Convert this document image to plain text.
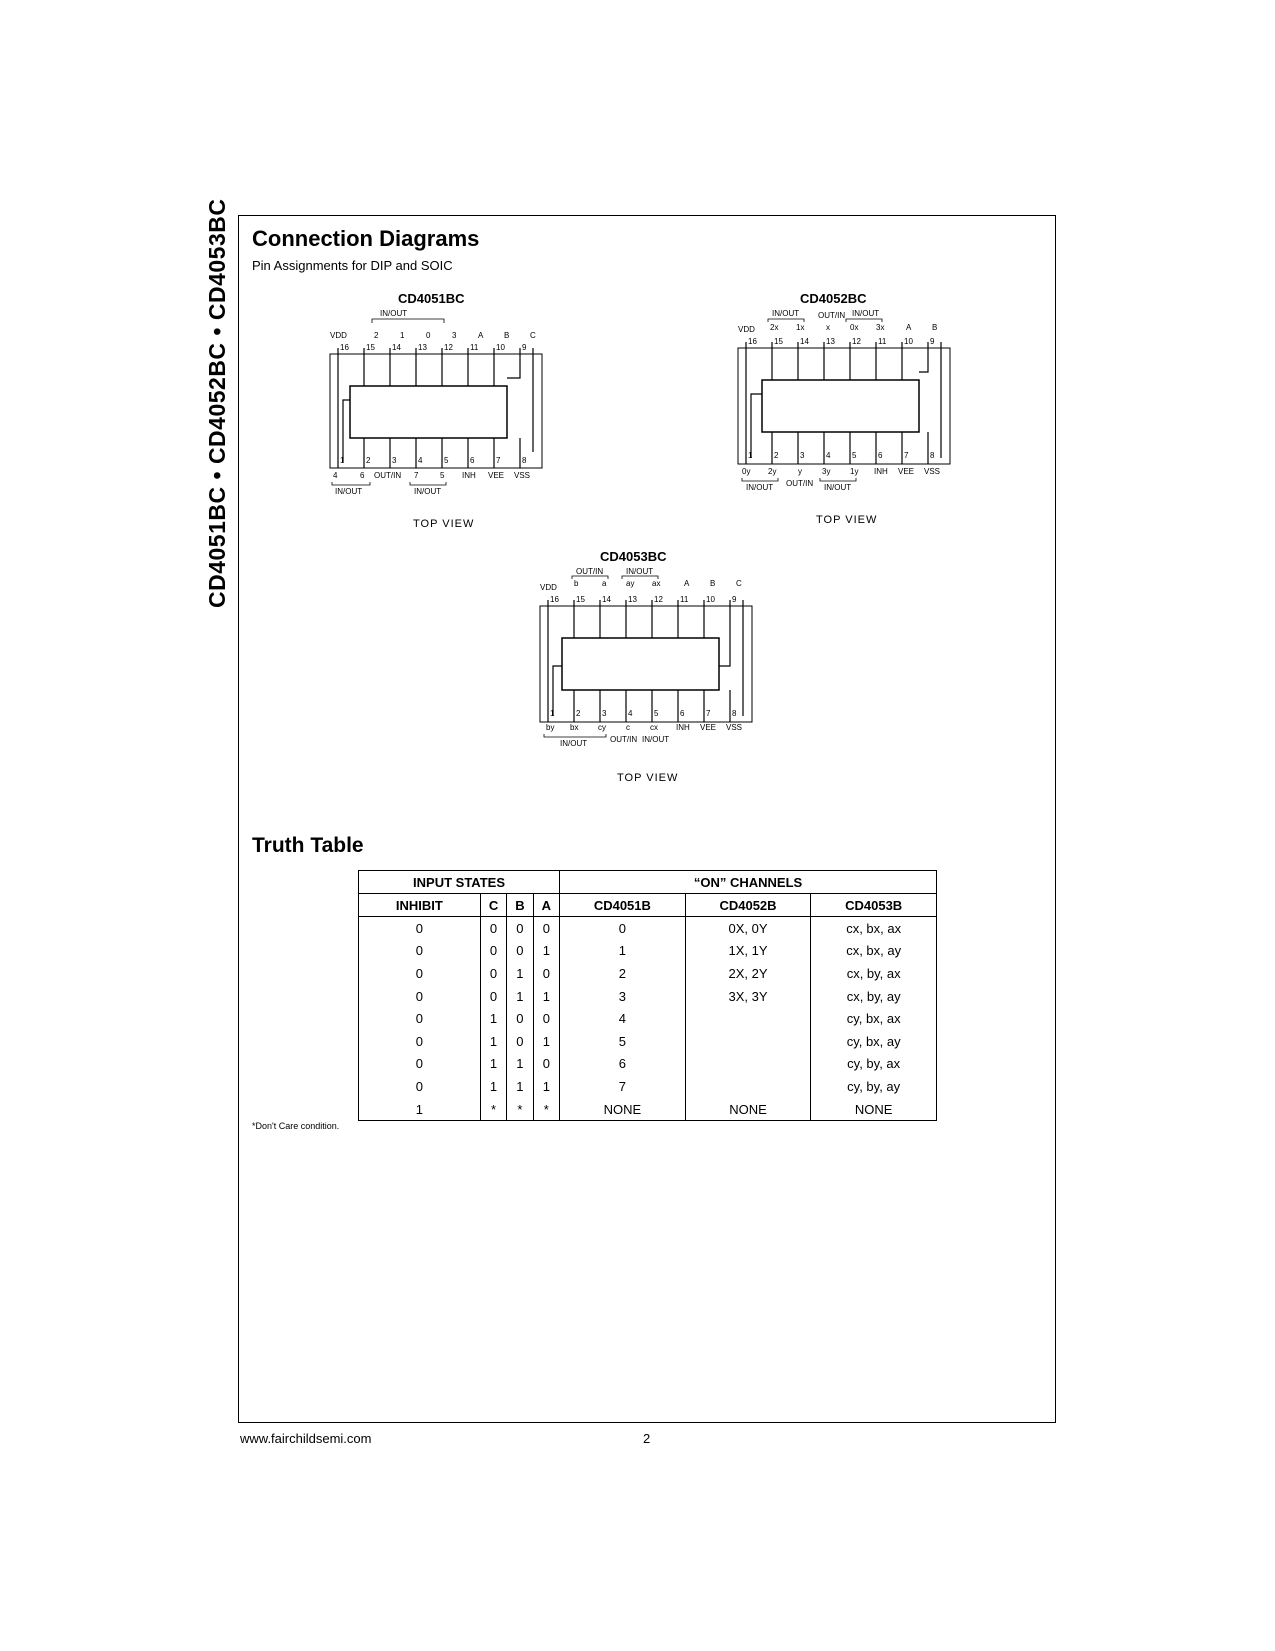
CD4051BC • CD4052BC • CD4053BC Connection Diagrams
Pin Assignments for DIP and SOIC
CD4051BC
IN/OUT
VDD	2	1	0	3	A	B	C
16 15 14 13 12 11 10 9
1	2	3	4	5	6	7	8
4	6 OUT/IN 7	5 INH VEE VSS
IN/OUT	IN/OUT
TOP VIEW
CD4052BC
IN/OUT OUT/IN IN/OUT
VDD 2x 1x	x	0x 3x	A	B
16 15 14 13 12 11 10 9
1	2	3	4	5	6	7	8
0y 2y	y	3y 1y INH VEE VSS
IN/OUT OUT/IN IN/OUT
TOP VIEW
CD4053BC
OUT/IN	IN/OUT
VDD b	a ay ax	A	B	C
16 15 14 13 12 11 10 9
1	2	3	4	5	6	7	8
by bx cy	c	cx INH VEE VSS
IN/OUT	OUT/IN IN/OUT
TOP VIEW
Truth Table
INPUT STATES				“ON” CHANNELS		
INHIBIT	C	B	A	CD4051B	CD4052B	CD4053B
0	0	0	0	0	0X, 0Y	cx, bx, ax
0	0	0	1	1	1X, 1Y	cx, bx, ay
0	0	1	0	2	2X, 2Y	cx, by, ax
0	0	1	1	3	3X, 3Y	cx, by, ay
0	1	0	0	4		cy, bx, ax
0	1	0	1	5		cy, bx, ay
0	1	1	0	6		cy, by, ax
0	1	1	1	7		cy, by, ay
1	*	*	*	NONE	NONE	NONE
*Don't Care condition.
www.fairchildsemi.com	2
